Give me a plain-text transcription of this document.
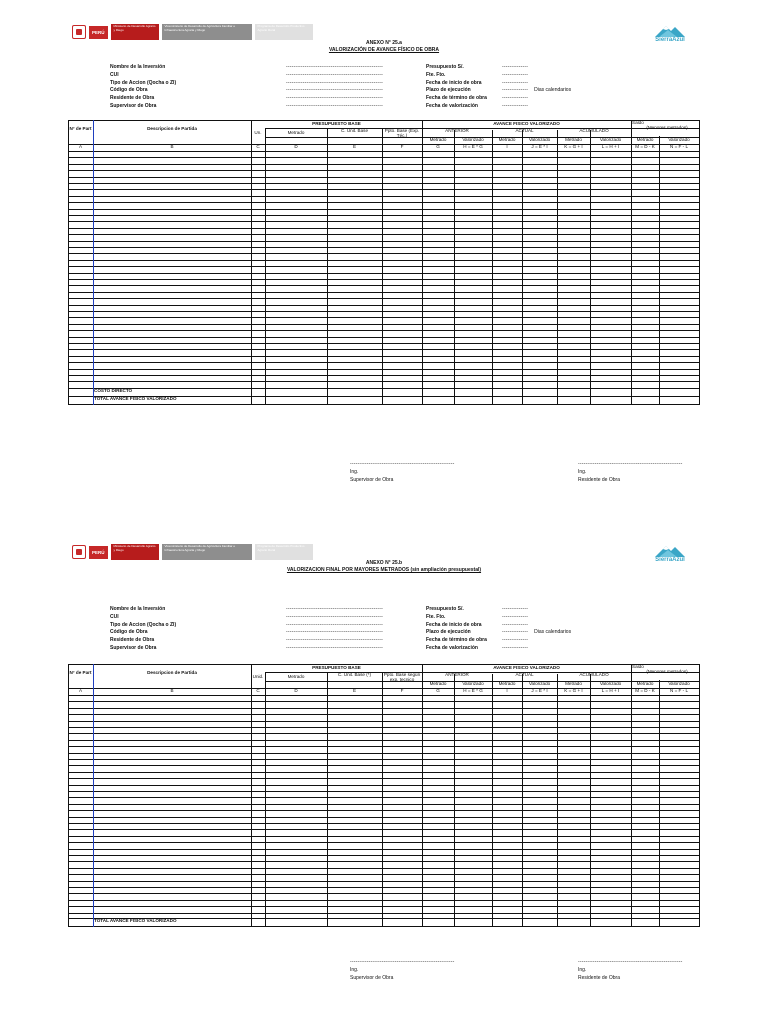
PERÚ
Ministerio de Desarrollo Agrario y Riego
Viceministerio de Desarrollo de Agricultura Familiar e Infraestructura Agraria y Riego
Programa de Desarrollo Productivo Agrario Rural
SierraAzul
ANEXO N° 25.a
VALORIZACIÓN DE AVANCE FÍSICO DE OBRA
Nombre de la Inversión	----------------------------------------------------
CUI	----------------------------------------------------
Tipo de Accion (Qocha o ZI)	----------------------------------------------------
Código de Obra	----------------------------------------------------
Residente de Obra	----------------------------------------------------
Supervisor de Obra	----------------------------------------------------
Presupuesto S/.	--------------
Fte. Fto.	--------------
Fecha de inicio de obra	--------------
Plazo de ejecución	-------------- Dias calendarios
Fecha de término de obra	--------------
Fecha de valorización	--------------
N° de Part	Descripcion de Partida
PRESUPUESTO BASE	AVANCE FISICO VALORIZADO	Saldo
(Menores metrados)
Un.	Metrado	C. Unit. Base	Ppto. Base (Exp. Téc.)
ANTERIOR	ACTUAL	ACUMULADO
Metrado	Valorizado	Metrado	Valorizado	Metrado	Valorizado	Metrado	Valorizado
A	B	C	D	E	F	G	H = E * G	I	J = E * I	K = G + I	L = H + I	M = D - K	N = F - L
COSTO DIRECTO
TOTAL AVANCE FISICO VALORIZADO
--------------------------------------------------------
Ing.
Supervisor de Obra
--------------------------------------------------------
Ing.
Residente de Obra
PERÚ
Ministerio de Desarrollo Agrario y Riego
Viceministerio de Desarrollo de Agricultura Familiar e Infraestructura Agraria y Riego
Programa de Desarrollo Productivo Agrario Rural
SierraAzul
ANEXO N° 25.b
VALORIZACION FINAL POR MAYORES METRADOS (sin ampliación presupuestal)
Nombre de la Inversión	----------------------------------------------------
CUI	----------------------------------------------------
Tipo de Accion (Qocha o ZI)	----------------------------------------------------
Código de Obra	----------------------------------------------------
Residente de Obra	----------------------------------------------------
Supervisor de Obra	----------------------------------------------------
Presupuesto S/.	--------------
Fte. Fto.	--------------
Fecha de inicio de obra	--------------
Plazo de ejecución	-------------- Dias calendarios
Fecha de término de obra	--------------
Fecha de valorización	--------------
N° de Part	Descripcion de Partida
PRESUPUESTO BASE	AVANCE FISICO VALORIZADO	Saldo
(Menores metrados)
Unid.	Metrado	C. Unit. Base (*)	Ppto. Base según exp. tecnico
ANTERIOR	ACTUAL	ACUMULADO
Metrado	Valorizado	Metrado	Valorizado	Metrado	Valorizado	Metrado	Valorizado
A	B	C	D	E	F	G	H = E * G	I	J = E * I	K = G + I	L = H + I	M = D - K	N = F - L
TOTAL AVANCE FISICO VALORIZADO
--------------------------------------------------------
Ing.
Supervisor de Obra
--------------------------------------------------------
Ing.
Residente de Obra
